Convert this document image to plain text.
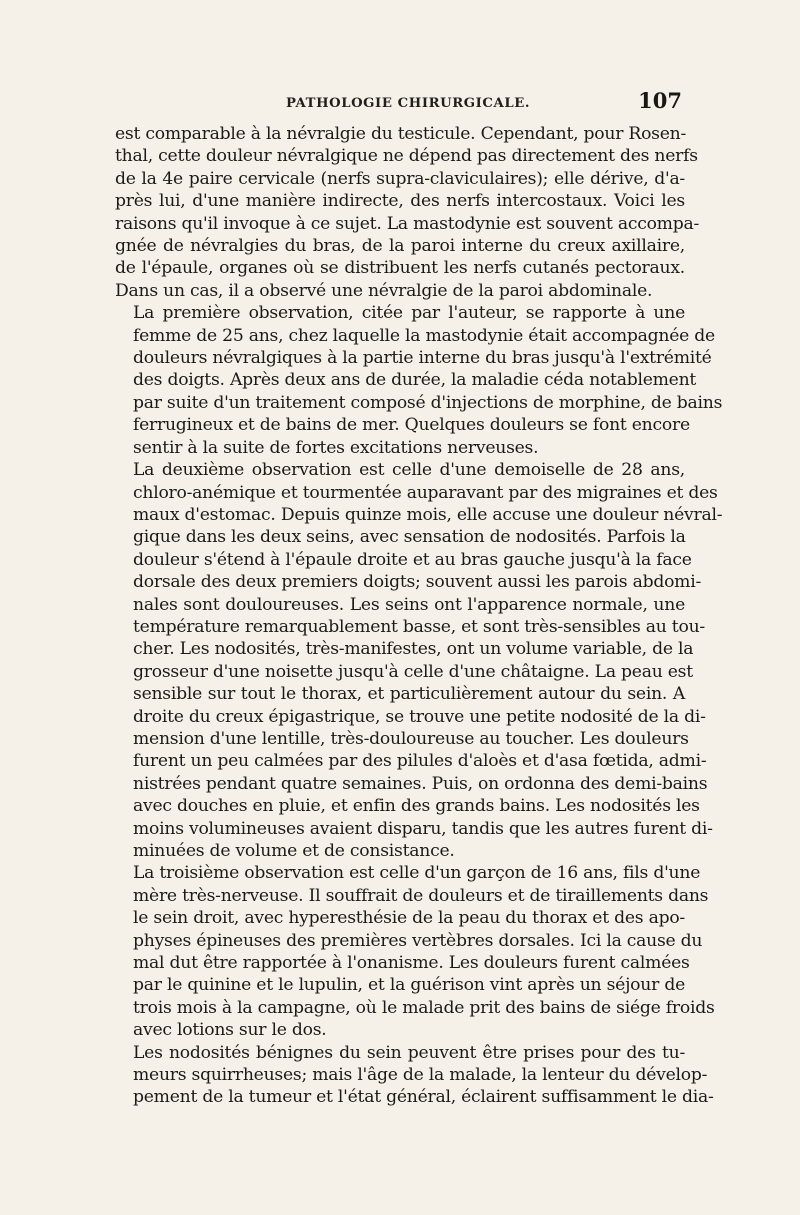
PATHOLOGIE CHIRURGICALE.	107

est comparable à la névralgie du testicule. Cependant, pour Rosen-
thal, cette douleur névralgique ne dépend pas directement des nerfs
de la 4e paire cervicale (nerfs supra-claviculaires); elle dérive, d'a-
près lui, d'une manière indirecte, des nerfs intercostaux. Voici les
raisons qu'il invoque à ce sujet. La mastodynie est souvent accompa-
gnée de névralgies du bras, de la paroi interne du creux axillaire,
de l'épaule, organes où se distribuent les nerfs cutanés pectoraux.
Dans un cas, il a observé une névralgie de la paroi abdominale.

La première observation, citée par l'auteur, se rapporte à une
femme de 25 ans, chez laquelle la mastodynie était accompagnée de
douleurs névralgiques à la partie interne du bras jusqu'à l'extrémité
des doigts. Après deux ans de durée, la maladie céda notablement
par suite d'un traitement composé d'injections de morphine, de bains
ferrugineux et de bains de mer. Quelques douleurs se font encore
sentir à la suite de fortes excitations nerveuses.

La deuxième observation est celle d'une demoiselle de 28 ans,
chloro-anémique et tourmentée auparavant par des migraines et des
maux d'estomac. Depuis quinze mois, elle accuse une douleur névral-
gique dans les deux seins, avec sensation de nodosités. Parfois la
douleur s'étend à l'épaule droite et au bras gauche jusqu'à la face
dorsale des deux premiers doigts; souvent aussi les parois abdomi-
nales sont douloureuses. Les seins ont l'apparence normale, une
température remarquablement basse, et sont très-sensibles au tou-
cher. Les nodosités, très-manifestes, ont un volume variable, de la
grosseur d'une noisette jusqu'à celle d'une châtaigne. La peau est
sensible sur tout le thorax, et particulièrement autour du sein. A
droite du creux épigastrique, se trouve une petite nodosité de la di-
mension d'une lentille, très-douloureuse au toucher. Les douleurs
furent un peu calmées par des pilules d'aloès et d'asa fœtida, admi-
nistrées pendant quatre semaines. Puis, on ordonna des demi-bains
avec douches en pluie, et enfin des grands bains. Les nodosités les
moins volumineuses avaient disparu, tandis que les autres furent di-
minuées de volume et de consistance.

La troisième observation est celle d'un garçon de 16 ans, fils d'une
mère très-nerveuse. Il souffrait de douleurs et de tiraillements dans
le sein droit, avec hyperesthésie de la peau du thorax et des apo-
physes épineuses des premières vertèbres dorsales. Ici la cause du
mal dut être rapportée à l'onanisme. Les douleurs furent calmées
par le quinine et le lupulin, et la guérison vint après un séjour de
trois mois à la campagne, où le malade prit des bains de siége froids
avec lotions sur le dos.

Les nodosités bénignes du sein peuvent être prises pour des tu-
meurs squirrheuses; mais l'âge de la malade, la lenteur du dévelop-
pement de la tumeur et l'état général, éclairent suffisamment le dia-
